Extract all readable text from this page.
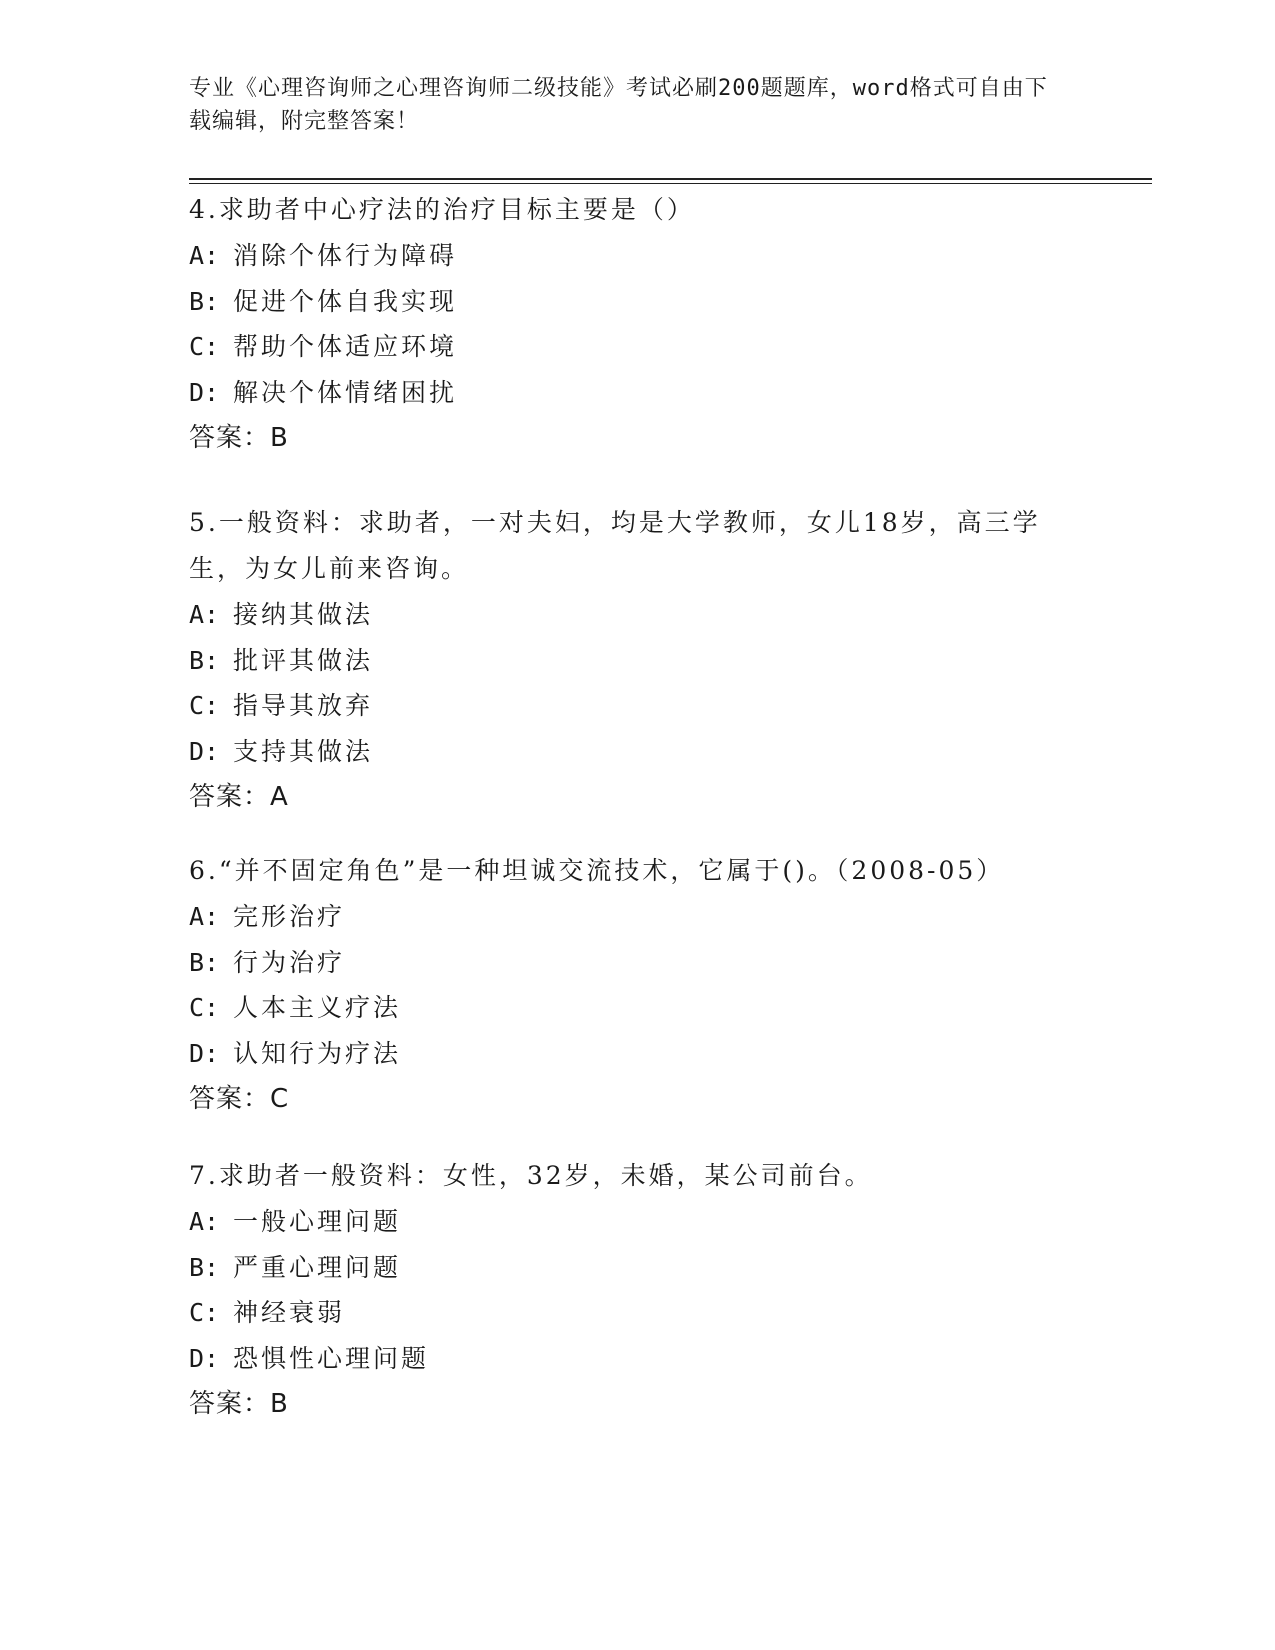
专业《心理咨询师之心理咨询师二级技能》考试必刷200题题库，word格式可自由下载编辑，附完整答案！

4.求助者中心疗法的治疗目标主要是（）

A: 消除个体行为障碍

B: 促进个体自我实现

C: 帮助个体适应环境

D: 解决个体情绪困扰

答案：B

5.一般资料：求助者，一对夫妇，均是大学教师，女儿18岁，高三学生，为女儿前来咨询。

A: 接纳其做法

B: 批评其做法

C: 指导其放弃

D: 支持其做法

答案：A

6.“并不固定角色”是一种坦诚交流技术，它属于()。（2008-05）

A: 完形治疗

B: 行为治疗

C: 人本主义疗法

D: 认知行为疗法

答案：C

7.求助者一般资料：女性，32岁，未婚，某公司前台。

A: 一般心理问题

B: 严重心理问题

C: 神经衰弱

D: 恐惧性心理问题

答案：B
